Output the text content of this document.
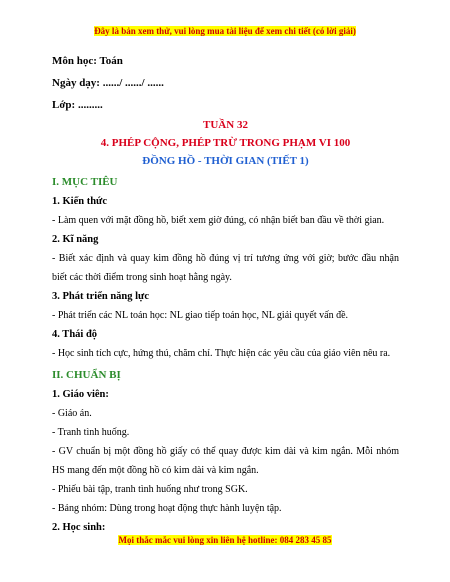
Đây là bản xem thử, vui lòng mua tài liệu để xem chi tiết (có lời giải)
Môn học: Toán
Ngày dạy: ....../ ....../ ......
Lớp: .........
TUẦN 32
4. PHÉP CỘNG, PHÉP TRỪ TRONG PHẠM VI 100
ĐỒNG HỒ - THỜI GIAN (TIẾT 1)
I. MỤC TIÊU
1. Kiến thức
- Làm quen với mặt đồng hồ, biết xem giờ đúng, có nhận biết ban đầu về thời gian.
2. Kĩ năng
- Biết xác định và quay kim đồng hồ đúng vị trí tương ứng với giờ; bước đầu nhận biết các thời điểm trong sinh hoạt hằng ngày.
3. Phát triển năng lực
- Phát triển các NL toán học: NL giao tiếp toán học, NL giải quyết vấn đề.
4. Thái độ
- Học sinh tích cực, hứng thú, chăm chỉ. Thực hiện các yêu cầu của giáo viên nêu ra.
II. CHUẨN BỊ
1. Giáo viên:
- Giáo án.
- Tranh tình huống.
- GV chuẩn bị một đồng hồ giấy có thể quay được kim dài và kim ngắn. Mỗi nhóm HS mang đến một đồng hồ có kim dài và kim ngắn.
- Phiếu bài tập, tranh tình huống như trong SGK.
- Bảng nhóm: Dùng trong hoạt động thực hành luyện tập.
2. Học sinh:
Mọi thắc mắc vui lòng xin liên hệ hotline: 084 283 45 85
